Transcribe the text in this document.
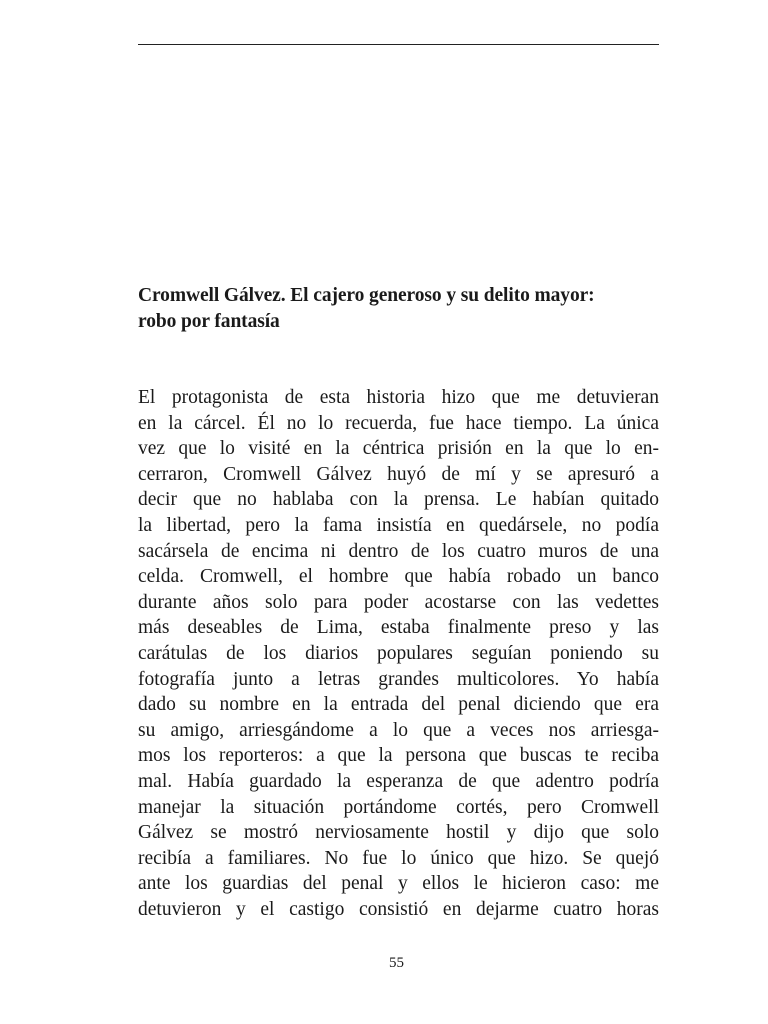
Cromwell Gálvez. El cajero generoso y su delito mayor:
robo por fantasía
El protagonista de esta historia hizo que me detuvieran
en la cárcel. Él no lo recuerda, fue hace tiempo. La única
vez que lo visité en la céntrica prisión en la que lo en-
cerraron, Cromwell Gálvez huyó de mí y se apresuró a
decir que no hablaba con la prensa. Le habían quitado
la libertad, pero la fama insistía en quedársele, no podía
sacársela de encima ni dentro de los cuatro muros de una
celda. Cromwell, el hombre que había robado un banco
durante años solo para poder acostarse con las vedettes
más deseables de Lima, estaba finalmente preso y las
carátulas de los diarios populares seguían poniendo su
fotografía junto a letras grandes multicolores. Yo había
dado su nombre en la entrada del penal diciendo que era
su amigo, arriesgándome a lo que a veces nos arriesga-
mos los reporteros: a que la persona que buscas te reciba
mal. Había guardado la esperanza de que adentro podría
manejar la situación portándome cortés, pero Cromwell
Gálvez se mostró nerviosamente hostil y dijo que solo
recibía a familiares. No fue lo único que hizo. Se quejó
ante los guardias del penal y ellos le hicieron caso: me
detuvieron y el castigo consistió en dejarme cuatro horas
55
